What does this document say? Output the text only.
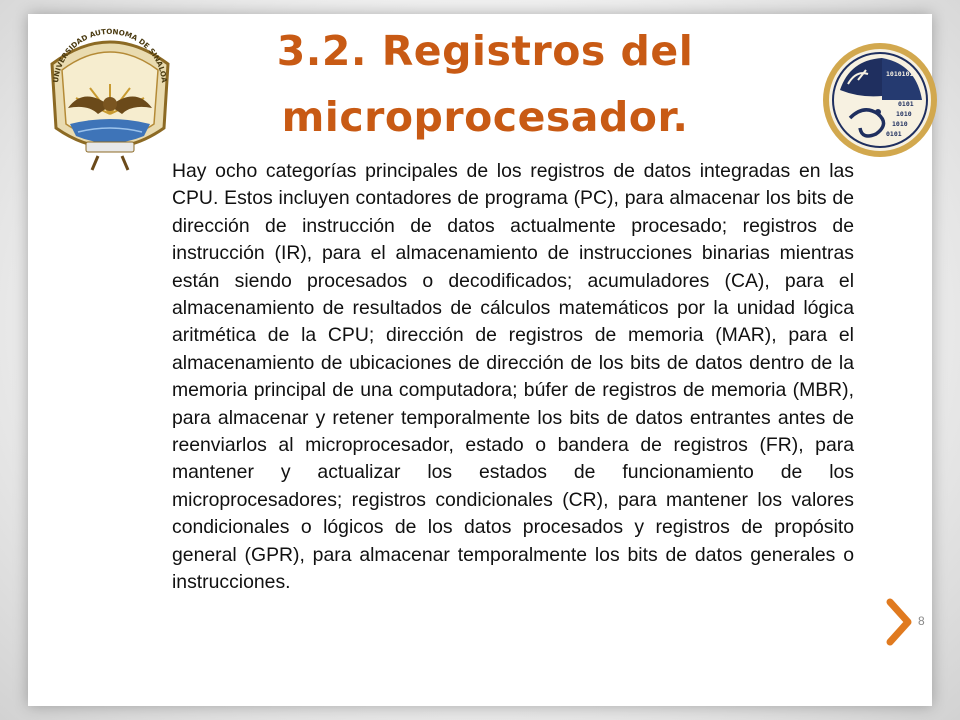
UNIVERSIDAD AUTONOMA DE SINALOA
3.2. Registros del
microprocesador.
1010101
0101
1010
1010
0101

Hay ocho categorías principales de los registros de datos integradas en las CPU. Estos incluyen contadores de programa (PC), para almacenar los bits de dirección de instrucción de datos actualmente procesado; registros de instrucción (IR), para el almacenamiento de instrucciones binarias mientras están siendo procesados o decodificados; acumuladores (CA), para el almacenamiento de resultados de cálculos matemáticos por la unidad lógica aritmética de la CPU; dirección de registros de memoria (MAR), para el almacenamiento de ubicaciones de dirección de los bits de datos dentro de la memoria principal de una computadora; búfer de registros de memoria (MBR), para almacenar y retener temporalmente los bits de datos entrantes antes de reenviarlos al microprocesador, estado o bandera de registros (FR), para mantener y actualizar los estados de funcionamiento de los microprocesadores; registros condicionales (CR), para mantener los valores condicionales o lógicos de los datos procesados y registros de propósito general (GPR), para almacenar temporalmente los bits de datos generales o instrucciones.

8
